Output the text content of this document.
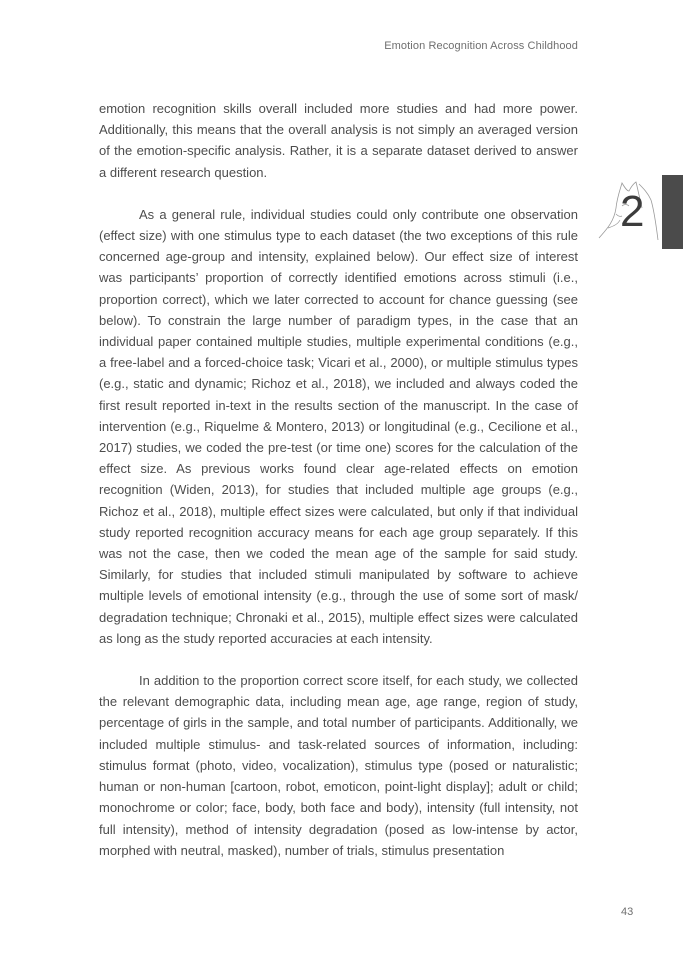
Emotion Recognition Across Childhood
2

emotion recognition skills overall included more studies and had more power. Additionally, this means that the overall analysis is not simply an averaged version of the emotion-specific analysis. Rather, it is a separate dataset derived to answer a different research question.

As a general rule, individual studies could only contribute one observation (effect size) with one stimulus type to each dataset (the two exceptions of this rule concerned age-group and intensity, explained below). Our effect size of interest was participants’ proportion of correctly identified emotions across stimuli (i.e., proportion correct), which we later corrected to account for chance guessing (see below). To constrain the large number of paradigm types, in the case that an individual paper contained multiple studies, multiple experimental conditions (e.g., a free-label and a forced-choice task; Vicari et al., 2000), or multiple stimulus types (e.g., static and dynamic; Richoz et al., 2018), we included and always coded the first result reported in-text in the results section of the manuscript. In the case of intervention (e.g., Riquelme & Montero, 2013) or longitudinal (e.g., Cecilione et al., 2017) studies, we coded the pre-test (or time one) scores for the calculation of the effect size. As previous works found clear age-related effects on emotion recognition (Widen, 2013), for studies that included multiple age groups (e.g., Richoz et al., 2018), multiple effect sizes were calculated, but only if that individual study reported recognition accuracy means for each age group separately. If this was not the case, then we coded the mean age of the sample for said study. Similarly, for studies that included stimuli manipulated by software to achieve multiple levels of emotional intensity (e.g., through the use of some sort of mask/ degradation technique; Chronaki et al., 2015), multiple effect sizes were calculated as long as the study reported accuracies at each intensity.

In addition to the proportion correct score itself, for each study, we collected the relevant demographic data, including mean age, age range, region of study, percentage of girls in the sample, and total number of participants. Additionally, we included multiple stimulus- and task-related sources of information, including: stimulus format (photo, video, vocalization), stimulus type (posed or naturalistic; human or non-human [cartoon, robot, emoticon, point-light display]; adult or child; monochrome or color; face, body, both face and body), intensity (full intensity, not full intensity), method of intensity degradation (posed as low-intense by actor, morphed with neutral, masked), number of trials, stimulus presentation

43
